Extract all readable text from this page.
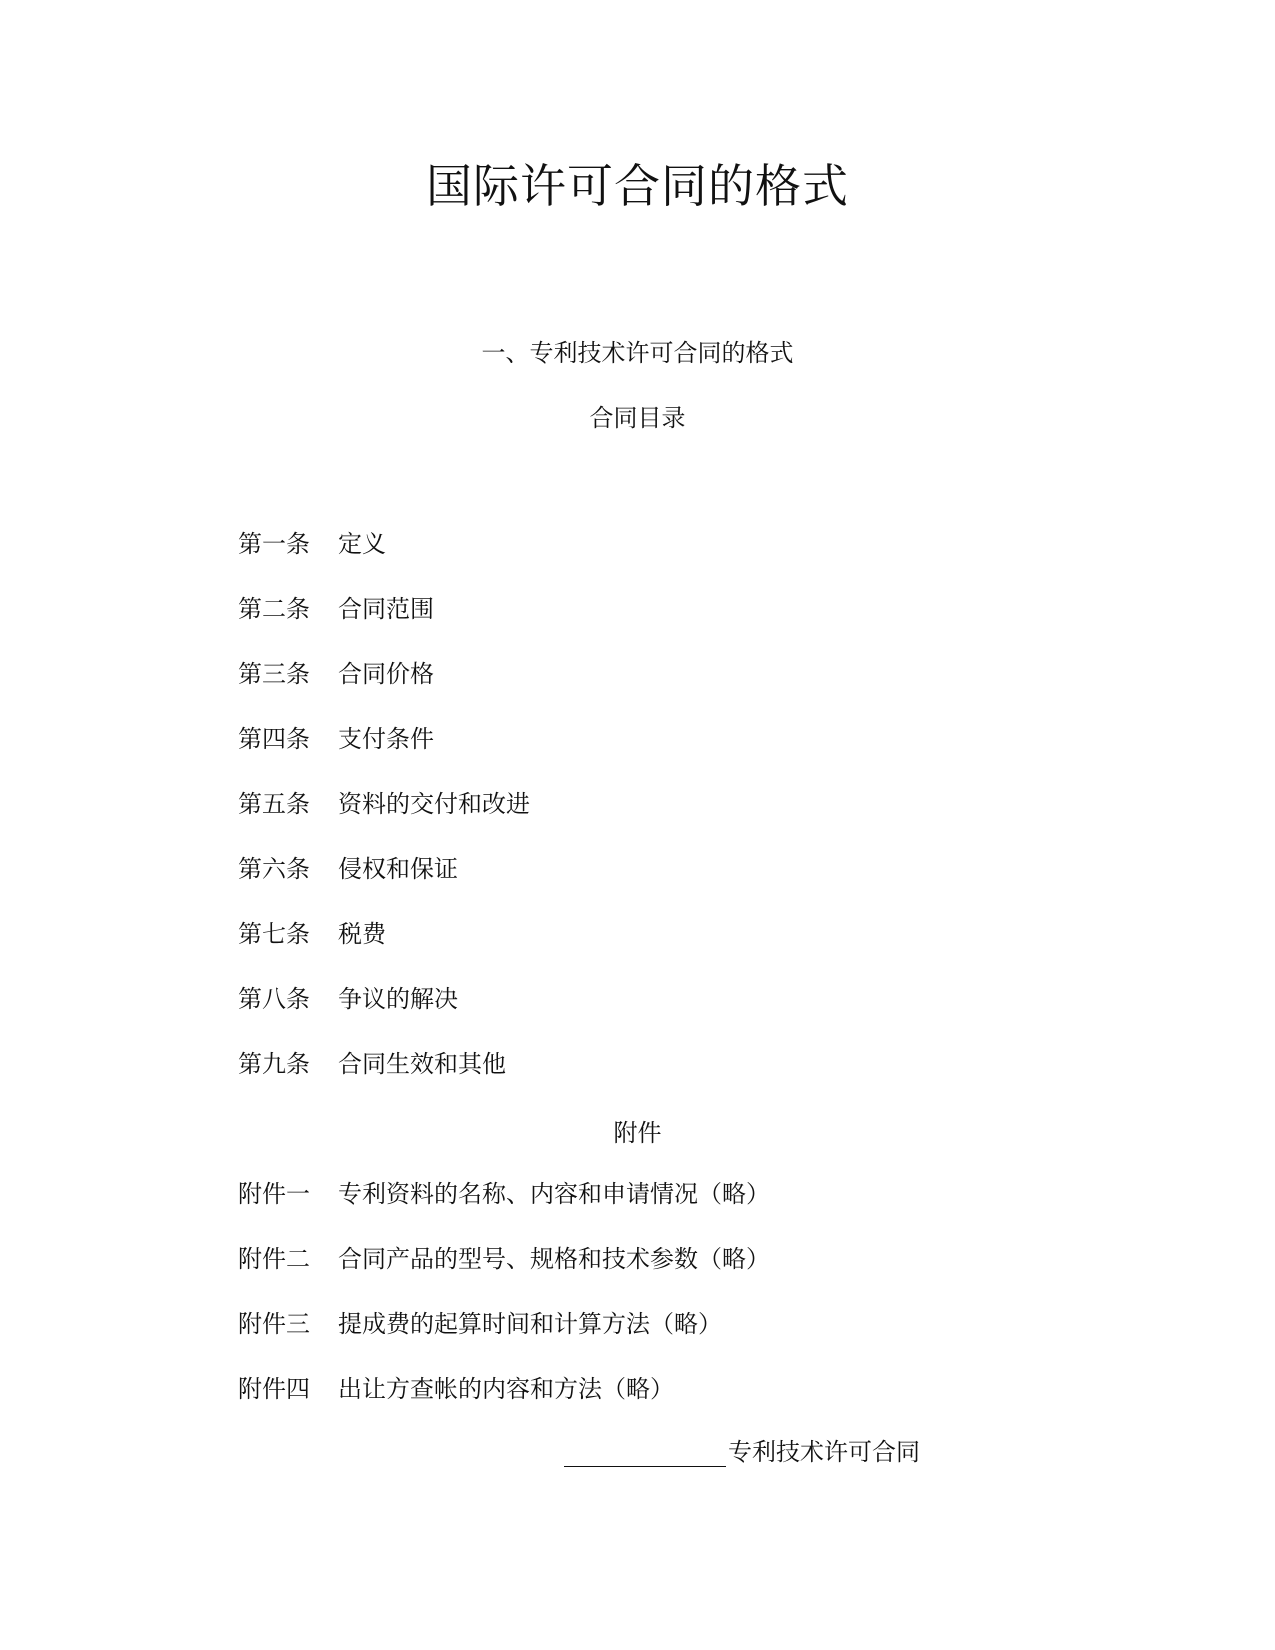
国际许可合同的格式

一、专利技术许可合同的格式

合同目录

第一条 定义
第二条 合同范围
第三条 合同价格
第四条 支付条件
第五条 资料的交付和改进
第六条 侵权和保证
第七条 税费
第八条 争议的解决
第九条 合同生效和其他

附件

附件一 专利资料的名称、内容和申请情况（略）
附件二 合同产品的型号、规格和技术参数（略）
附件三 提成费的起算时间和计算方法（略）
附件四 出让方查帐的内容和方法（略）
专利技术许可合同
